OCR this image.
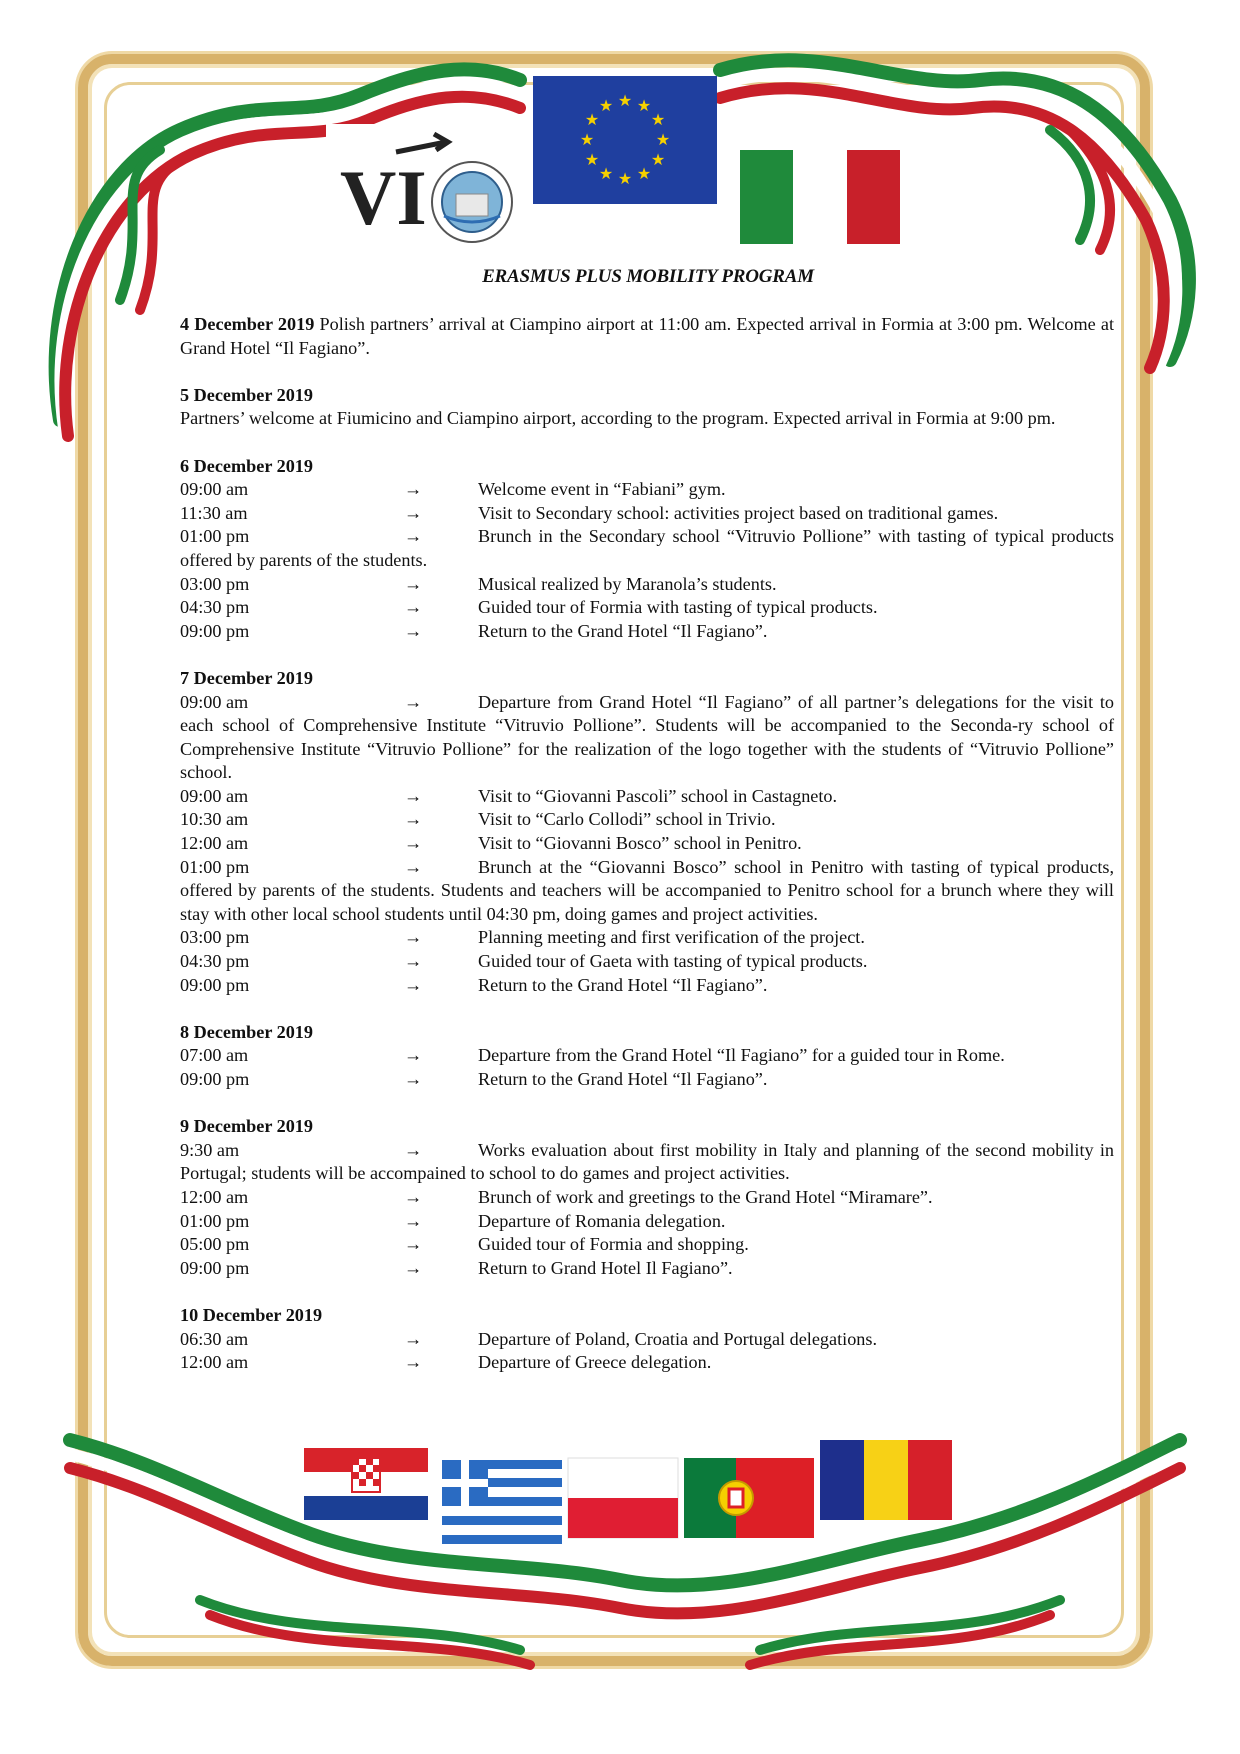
VI
★ ★
★
★
★
★
★
★
★
★
★
★
ERASMUS PLUS MOBILITY PROGRAM

4 December 2019 Polish partners’ arrival at Ciampino airport at 11:00 am. Expected arrival in Formia at 3:00 pm. Welcome at Grand Hotel “Il Fagiano”.

5 December 2019

Partners’ welcome at Fiumicino and Ciampino airport, according to the program. Expected arrival in Formia at 9:00 pm.

6 December 2019

09:00 am	→	Welcome event in “Fabiani” gym.

11:30 am	→	Visit to Secondary school: activities project based on traditional games.

01:00 pm	→	Brunch in the Secondary school “Vitruvio Pollione” with tasting of typical products offered by parents of the students.

03:00 pm	→	Musical realized by Maranola’s students.

04:30 pm	→	Guided tour of Formia with tasting of typical products.

09:00 pm	→	Return to the Grand Hotel “Il Fagiano”.

7 December 2019

09:00 am	→	Departure from Grand Hotel “Il Fagiano” of all partner’s delegations for the visit to each school of Comprehensive Institute “Vitruvio Pollione”. Students will be accompanied to the Seconda-ry school of Comprehensive Institute “Vitruvio Pollione” for the realization of the logo together with the students of “Vitruvio Pollione” school.

09:00 am	→	Visit to “Giovanni Pascoli” school in Castagneto.

10:30 am	→	Visit to “Carlo Collodi” school in Trivio.

12:00 am	→	Visit to “Giovanni Bosco” school in Penitro.

01:00 pm	→	Brunch at the “Giovanni Bosco” school in Penitro with tasting of typical products, offered by parents of the students. Students and teachers will be accompanied to Penitro school for a brunch where they will stay with other local school students until 04:30 pm, doing games and project activities.

03:00 pm	→	Planning meeting and first verification of the project.

04:30 pm	→	Guided tour of Gaeta with tasting of typical products.

09:00 pm	→	Return to the Grand Hotel “Il Fagiano”.

8 December 2019

07:00 am	→	Departure from the Grand Hotel “Il Fagiano” for a guided tour in Rome.

09:00 pm	→	Return to the Grand Hotel “Il Fagiano”.

9 December 2019

9:30 am	→	Works evaluation about first mobility in Italy and planning of the second mobility in Portugal; students will be accompained to school to do games and project activities.

12:00 am	→	Brunch of work and greetings to the Grand Hotel “Miramare”.

01:00 pm	→	Departure of Romania delegation.

05:00 pm	→	Guided tour of Formia and shopping.

09:00 pm	→	Return to Grand Hotel Il Fagiano”.

10 December 2019

06:30 am	→	Departure of Poland, Croatia and Portugal delegations.

12:00 am	→	Departure of Greece delegation.
